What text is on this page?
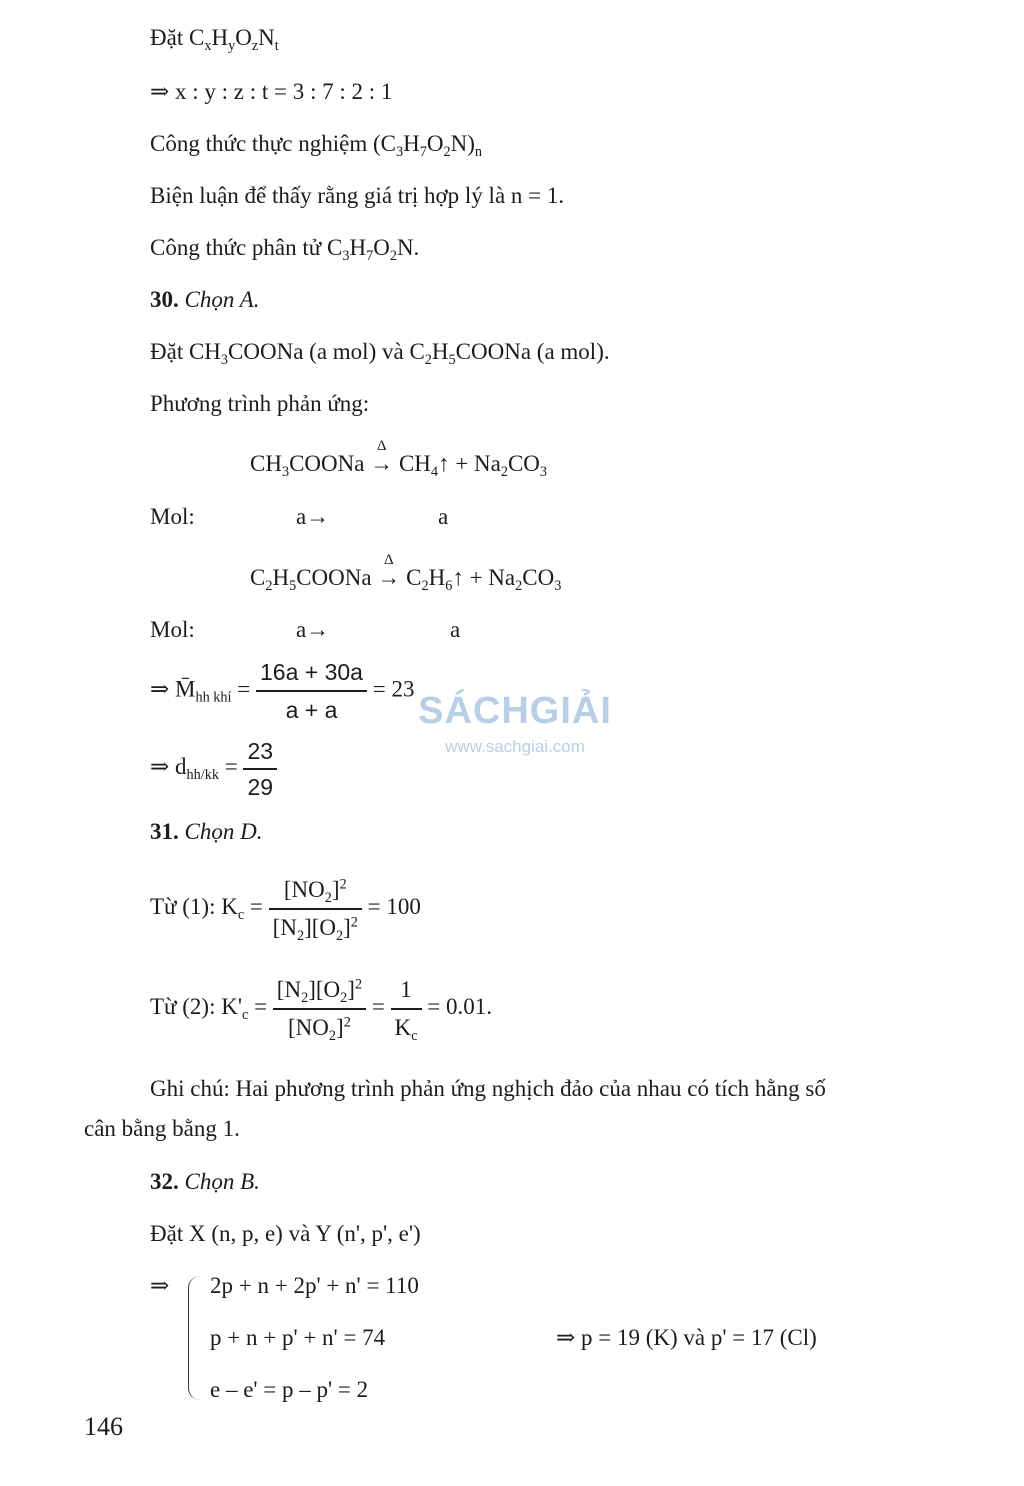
Đặt $C_xH_yO_zN_t$
⇒ x : y : z : t = 3 : 7 : 2 : 1
Công thức thực nghiệm $(C_3H_7O_2N)_n$
Biện luận để thấy rằng giá trị hợp lý là n = 1.
Công thức phân tử $C_3H_7O_2N$.
30. Chọn A.
Đặt $CH_3COONa$ (a mol) và $C_2H_5COONa$ (a mol).
Phương trình phản ứng:
$CH_3COONa$
Δ
→ $CH_4↑ + Na_2CO_3$
Mol:	a→	a
$C_2H_5COONa$
Δ
→ $C_2H_6↑ + Na_2CO_3$
Mol:	a→	a
⇒ $M̄_{hh khí} = \frac{16a + 30a}{a + a} = 23$
⇒ $d_{hh/kk} = \frac{23}{29}$
SÁCHGIẢI
www.sachgiai.com
31. Chọn D.
Từ (1): $K_c = \frac{[NO_2]^2}{[N_2][O_2]^2} = 100$
Từ (2): $K'_c = \frac{[N_2][O_2]^2}{[NO_2]^2} = \frac{1}{K_c} = 0.01$.
Ghi chú: Hai phương trình phản ứng nghịch đảo của nhau có tích hằng số
cân bằng bằng 1.
32. Chọn B.
Đặt X (n, p, e) và Y (n', p', e')
⇒ 2p + n + 2p' + n' = 110
p + n + p' + n' = 74
e – e' = p – p' = 2
⇒ p = 19 (K) và p' = 17 (Cl)
146
